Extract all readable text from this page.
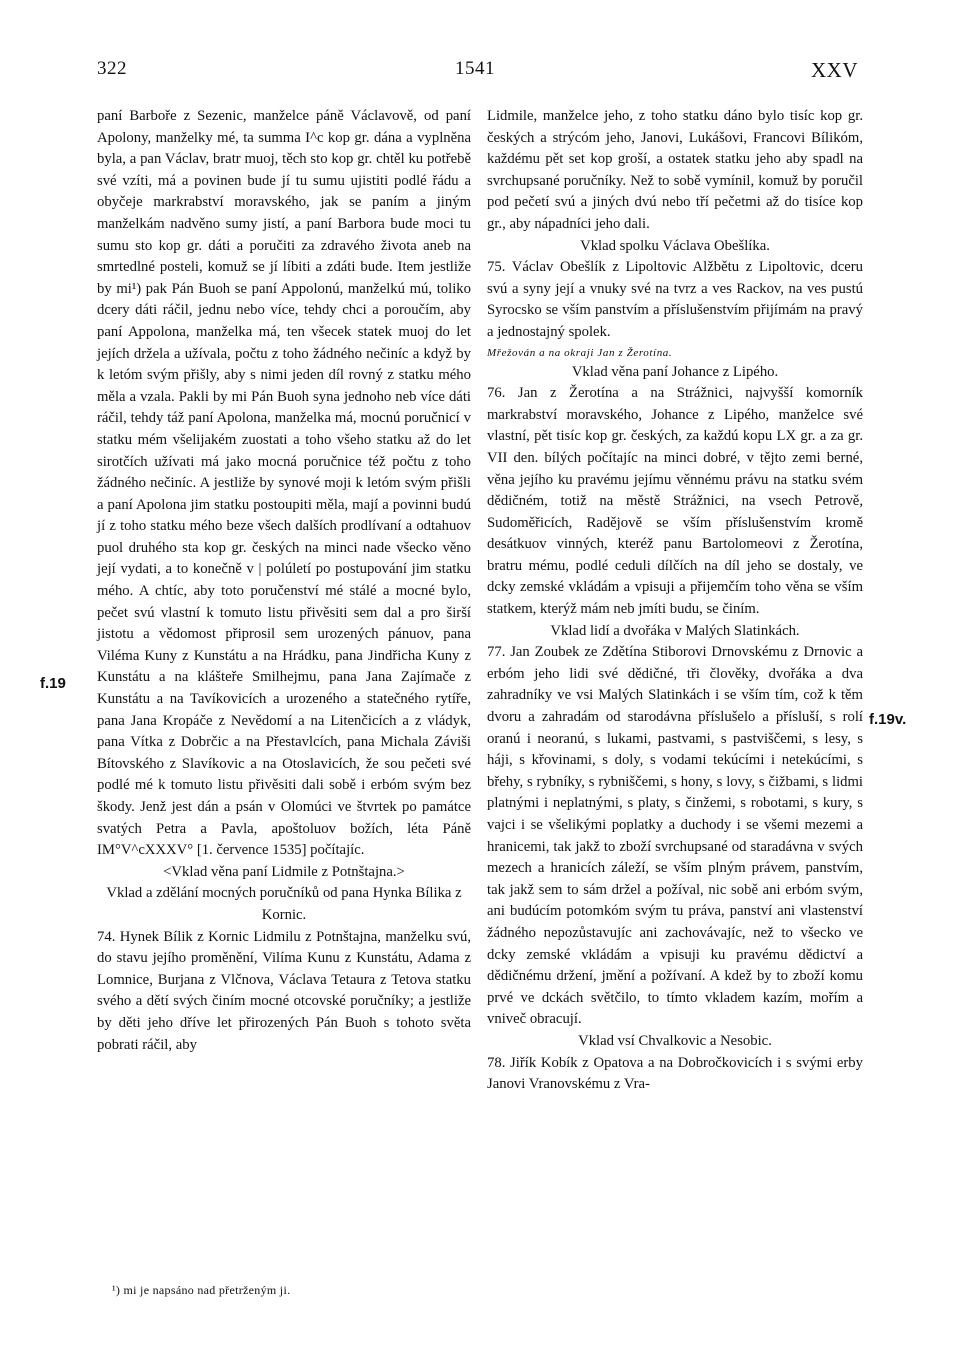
322	1541	XXV
f.19
f.19v.

paní Barboře z Sezenic, manželce páně Václavově, od paní Apolony, manželky mé, ta summa I^c kop gr. dána a vyplněna byla, a pan Václav, bratr muoj, těch sto kop gr. chtěl ku potřebě své vzíti, má a povinen bude jí tu sumu ujistiti podlé řádu a obyčeje markrabství moravského, jak se paním a jiným manželkám nadvěno sumy jistí, a paní Barbora bude moci tu sumu sto kop gr. dáti a poručiti za zdravého života aneb na smrtedlné posteli, komuž se jí líbiti a zdáti bude. Item jestliže by mi¹) pak Pán Buoh se paní Appolonú, manželkú mú, toliko dcery dáti ráčil, jednu nebo více, tehdy chci a poroučím, aby paní Appolona, manželka má, ten všecek statek muoj do let jejích držela a užívala, počtu z toho žádného nečiníc a když by k letóm svým přišly, aby s nimi jeden díl rovný z statku mého měla a vzala. Pakli by mi Pán Buoh syna jednoho neb více dáti ráčil, tehdy táž paní Apolona, manželka má, mocnú poručnicí v statku mém všelijakém zuostati a toho všeho statku až do let sirotčích užívati má jako mocná poručnice též počtu z toho žádného nečiníc. A jestliže by synové moji k letóm svým přišli a paní Apolona jim statku postoupiti měla, mají a povinni budú jí z toho statku mého beze všech dalších prodlívaní a odtahuov puol druhého sta kop gr. českých na minci nade všecko věno její vydati, a to konečně v | polúletí po postupování jim statku mého. A chtíc, aby toto poručenství mé stálé a mocné bylo, pečet svú vlastní k tomuto listu přivěsiti sem dal a pro širší jistotu a vědomost připrosil sem urozených pánuov, pana Viléma Kuny z Kunstátu a na Hrádku, pana Jindřicha Kuny z Kunstátu a na klášteře Smilhejmu, pana Jana Zajímače z Kunstátu a na Tavíkovicích a urozeného a statečného rytíře, pana Jana Kropáče z Nevědomí a na Litenčicích a z vládyk, pana Vítka z Dobrčic a na Přestavlcích, pana Michala Záviši Bítovského z Slavíkovic a na Otoslavicích, že sou pečeti své podlé mé k tomuto listu přivěsiti dali sobě i erbóm svým bez škody. Jenž jest dán a psán v Olomúci ve štvrtek po památce svatých Petra a Pavla, apoštoluov božích, léta Páně IM°V^cXXXV° [1. července 1535] počítajíc.

<Vklad věna paní Lidmile z Potnštajna.>

Vklad a zdělání mocných poručníků od pana Hynka Bílika z Kornic.

74. Hynek Bílik z Kornic Lidmilu z Potnštajna, manželku svú, do stavu jejího proměnění, Vilíma Kunu z Kunstátu, Adama z Lomnice, Burjana z Vlčnova, Václava Tetaura z Tetova statku svého a dětí svých činím mocné otcovské poručníky; a jestliže by děti jeho dříve let přirozených Pán Buoh s tohoto světa pobrati ráčil, aby

Lidmile, manželce jeho, z toho statku dáno bylo tisíc kop gr. českých a strýcóm jeho, Janovi, Lukášovi, Francovi Bílikóm, každému pět set kop groší, a ostatek statku jeho aby spadl na svrchupsané poručníky. Než to sobě vymínil, komuž by poručil pod pečetí svú a jiných dvú nebo tří pečetmi až do tisíce kop gr., aby nápadníci jeho dali.

Vklad spolku Václava Obešlíka.

75. Václav Obešlík z Lipoltovic Alžbětu z Lipoltovic, dceru svú a syny její a vnuky své na tvrz a ves Rackov, na ves pustú Syrocsko se vším panstvím a příslušenstvím přijímám na pravý a jednostajný spolek.

Mřežován a na okraji Jan z Žerotína.

Vklad věna paní Johance z Lipého.

76. Jan z Žerotína a na Strážnici, najvyšší komorník markrabství moravského, Johance z Lipého, manželce své vlastní, pět tisíc kop gr. českých, za každú kopu LX gr. a za gr. VII den. bílých počítajíc na minci dobré, v tějto zemi berné, věna jejího ku pravému jejímu věnnému právu na statku svém dědičném, totiž na městě Strážnici, na vsech Petrově, Sudoměřicích, Radějově se vším příslušenstvím kromě desátkuov vinných, kteréž panu Bartolomeovi z Žerotína, bratru mému, podlé ceduli dílčích na díl jeho se dostaly, ve dcky zemské vkládám a vpisuji a přijemčím toho věna se vším statkem, kterýž mám neb jmíti budu, se činím.

Vklad lidí a dvořáka v Malých Slatinkách.

77. Jan Zoubek ze Zdětína Stiborovi Drnovskému z Drnovic a erbóm jeho lidi své dědičné, tři člověky, dvořáka a dva zahradníky ve vsi Malých Slatinkách i se vším tím, což k těm dvoru a zahradám od starodávna příslušelo a přísluší, s rolí oranú i neoranú, s lukami, pastvami, s pastviščemi, s lesy, s háji, s křovinami, s doly, s vodami tekúcími i netekúcími, s břehy, s rybníky, s rybniščemi, s hony, s lovy, s čižbami, s lidmi platnými i neplatnými, s platy, s činžemi, s robotami, s kury, s vajci i se všelikými poplatky a duchody i se všemi mezemi a hranicemi, tak jakž to zboží svrchupsané od staradávna v svých mezech a hranicích záleží, se vším plným právem, panstvím, tak jakž sem to sám držel a požíval, nic sobě ani erbóm svým, ani budúcím potomkóm svým tu práva, panství ani vlastenství žádného nepozůstavujíc ani zachovávajíc, než to všecko ve dcky zemské vkládám a vpisuji ku pravému dědictví a dědičnému držení, jmění a požívaní. A kdež by to zboží komu prvé ve dckách světčilo, to tímto vkladem kazím, mořím a vniveč obracují.

Vklad vsí Chvalkovic a Nesobic.

78. Jiřík Kobík z Opatova a na Dobročkovicích i s svými erby Janovi Vranovskému z Vra-

¹) mi je napsáno nad přetrženým ji.
